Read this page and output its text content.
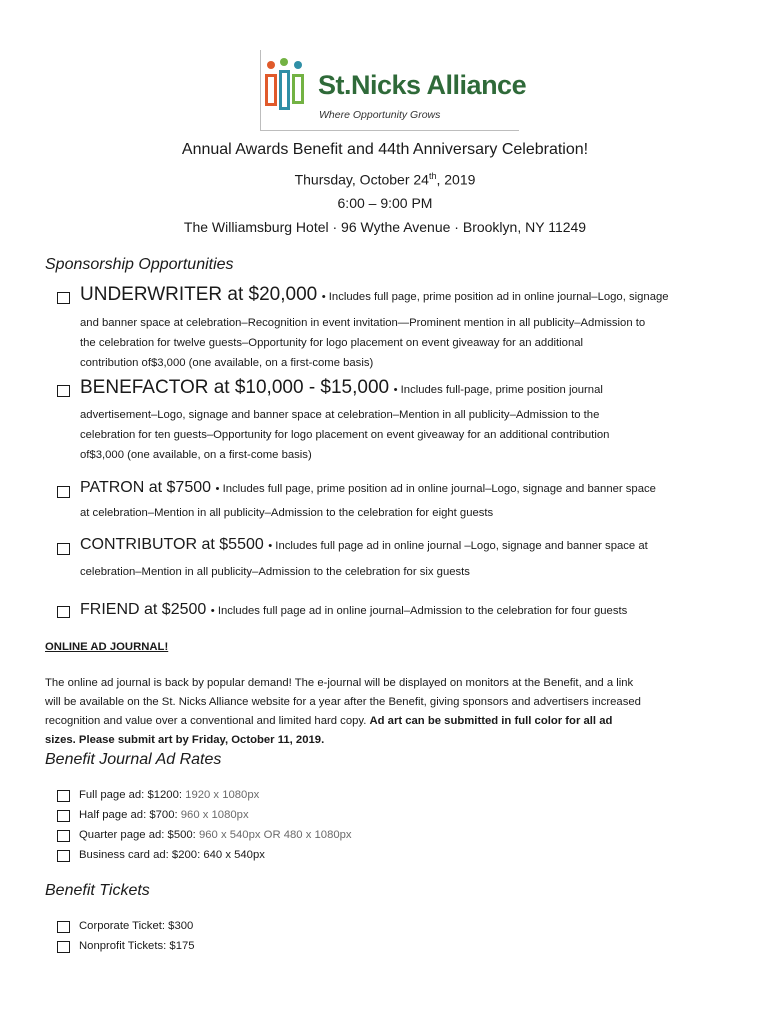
St.Nicks Alliance
Where Opportunity Grows
Annual Awards Benefit and 44th Anniversary Celebration!
Thursday, October 24th, 2019
6:00 – 9:00 PM
The Williamsburg Hotel · 96 Wythe Avenue · Brooklyn, NY 11249
Sponsorship Opportunities
UNDERWRITER at $20,000 • Includes full page, prime position ad in online journal–Logo, signage
and banner space at celebration–Recognition in event invitation—Prominent mention in all publicity–Admission to
the celebration for twelve guests–Opportunity for logo placement on event giveaway for an additional
contribution of$3,000 (one available, on a first-come basis)
BENEFACTOR at $10,000 - $15,000 • Includes full-page, prime position journal
advertisement–Logo, signage and banner space at celebration–Mention in all publicity–Admission to the
celebration for ten guests–Opportunity for logo placement on event giveaway for an additional contribution
of$3,000 (one available, on a first-come basis)
PATRON at $7500 • Includes full page, prime position ad in online journal–Logo, signage and banner space
at celebration–Mention in all publicity–Admission to the celebration for eight guests
CONTRIBUTOR at $5500 • Includes full page ad in online journal –Logo, signage and banner space at
celebration–Mention in all publicity–Admission to the celebration for six guests
FRIEND at $2500 • Includes full page ad in online journal–Admission to the celebration for four guests
ONLINE AD JOURNAL!
The online ad journal is back by popular demand! The e-journal will be displayed on monitors at the Benefit, and a link
will be available on the St. Nicks Alliance website for a year after the Benefit, giving sponsors and advertisers increased
recognition and value over a conventional and limited hard copy. Ad art can be submitted in full color for all ad
sizes. Please submit art by Friday, October 11, 2019.
Benefit Journal Ad Rates
Full page ad: $1200: 1920 x 1080px
Half page ad: $700: 960 x 1080px
Quarter page ad: $500: 960 x 540px OR 480 x 1080px
Business card ad: $200: 640 x 540px
Benefit Tickets
Corporate Ticket: $300
Nonprofit Tickets: $175
